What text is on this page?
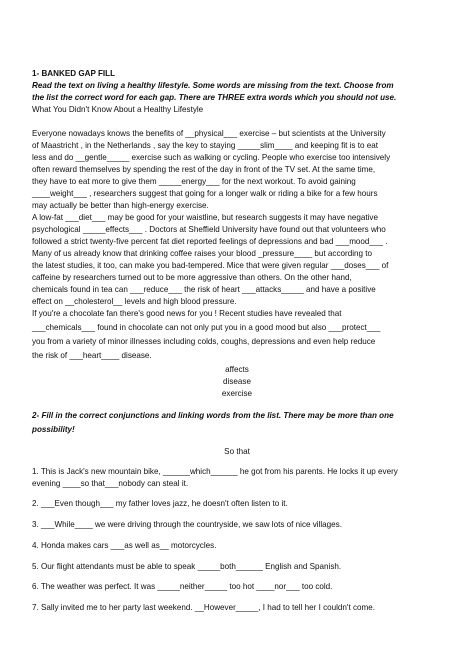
1- BANKED GAP FILL
Read the text on living a healthy lifestyle. Some words are missing from the text. Choose from
the list the correct word for each gap. There are THREE extra words which you should not use.
What You Didn't Know About a Healthy Lifestyle
Everyone nowadays knows the benefits of __physical___ exercise – but scientists at the University
of Maastricht , in the Netherlands , say the key to staying _____slim____ and keeping fit is to eat
less and do __gentle_____ exercise such as walking or cycling. People who exercise too intensively
often reward themselves by spending the rest of the day in front of the TV set. At the same time,
they have to eat more to give them _____energy___ for the next workout. To avoid gaining
____weight___ , researchers suggest that going for a longer walk or riding a bike for a few hours
may actually be better than high-energy exercise.
A low-fat ___diet___ may be good for your waistline, but research suggests it may have negative
psychological _____effects___ . Doctors at Sheffield University have found out that volunteers who
followed a strict twenty-five percent fat diet reported feelings of depressions and bad ___mood___ .
Many of us already know that drinking coffee raises your blood _pressure____ but according to
the latest studies, it too, can make you bad-tempered. Mice that were given regular ___doses___ of
caffeine by researchers turned out to be more aggressive than others. On the other hand,
chemicals found in tea can ___reduce___ the risk of heart ___attacks_____ and have a positive
effect on __cholesterol__ levels and high blood pressure.
If you're a chocolate fan there's good news for you ! Recent studies have revealed that
___chemicals___ found in chocolate can not only put you in a good mood but also ___protect___
you from a variety of minor illnesses including colds, coughs, depressions and even help reduce
the risk of ___heart____ disease.
affects
disease
exercise
2- Fill in the correct conjunctions and linking words from the list. There may be more than one
possibility!
So that
1. This is Jack's new mountain bike, ______which______ he got from his parents. He locks it up every
evening ____so that___nobody can steal it.
2. ___Even though___ my father loves jazz, he doesn't often listen to it.
3. ___While____ we were driving through the countryside, we saw lots of nice villages.
4. Honda makes cars ___as well as__ motorcycles.
5. Our flight attendants must be able to speak _____both______ English and Spanish.
6. The weather was perfect. It was _____neither_____ too hot ____nor___ too cold.
7. Sally invited me to her party last weekend. __However_____, I had to tell her I couldn't come.
